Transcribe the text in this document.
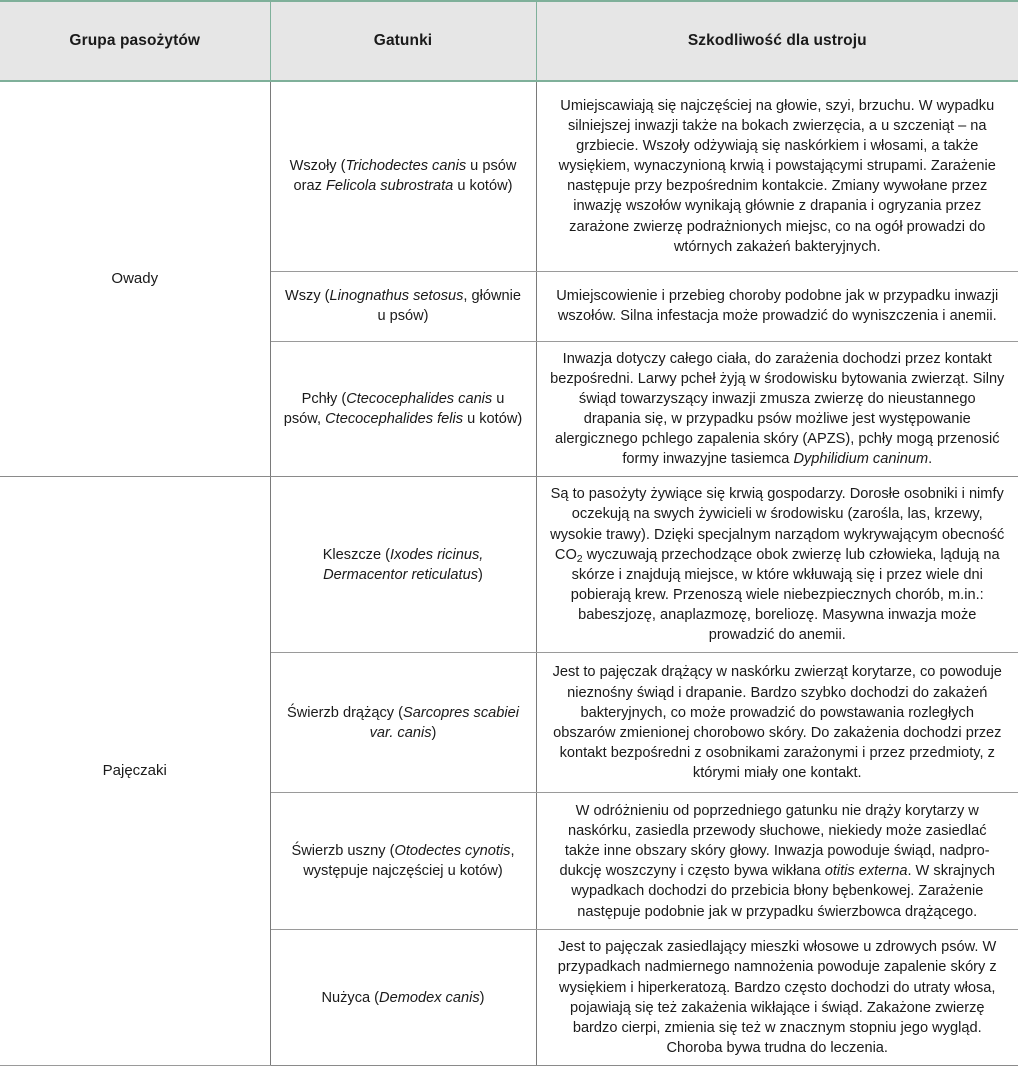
Grupa pasożytów	Gatunki	Szkodliwość dla ustroju

Owady	Wszoły (Trichodectes canis u psów oraz Felicola subrostrata u kotów)	Umiejscawiają się najczęściej na głowie, szyi, brzuchu. W wypadku silniejszej inwazji także na bokach zwierzęcia, a u szczeniąt – na grzbiecie. Wszoły odżywiają się naskórkiem i włosami, a także wysiękiem, wynaczynioną krwią i powstającymi strupami. Zarażenie następuje przy bezpośrednim kontakcie. Zmiany wywołane przez inwazję wszołów wynikają głównie z drapania i ogryzania przez zarażone zwierzę podrażnionych miejsc, co na ogół prowadzi do wtórnych zakażeń bakteryjnych.
	Wszy (Linognathus setosus, głównie u psów)	Umiejscowienie i przebieg choroby podobne jak w przypadku inwazji wszołów. Silna infestacja może prowadzić do wyniszczenia i anemii.
	Pchły (Ctecocephalides canis u psów, Ctecocephalides felis u kotów)	Inwazja dotyczy całego ciała, do zarażenia dochodzi przez kontakt bezpośredni. Larwy pcheł żyją w środowisku bytowania zwierząt. Silny świąd towarzyszący inwazji zmusza zwierzę do nieustannego drapania się, w przypadku psów możliwe jest występowanie alergicznego pchlego zapalenia skóry (APZS), pchły mogą przenosić formy inwazyjne tasiemca Dyphilidium caninum.

Pajęczaki	Kleszcze (Ixodes ricinus, Dermacentor reticulatus)	Są to pasożyty żywiące się krwią gospodarzy. Dorosłe osobniki i nimfy oczekują na swych żywicieli w środowisku (zarośla, las, krzewy, wysokie trawy). Dzięki specjalnym narządom wykrywającym obecność $CO_2$ wyczuwają przechodzące obok zwierzę lub człowieka, lądują na skórze i znajdują miejsce, w które wkłuwają się i przez wiele dni pobierają krew. Przenoszą wiele niebezpiecznych chorób, m.in.: babeszjozę, anaplazmozę, boreliozę. Masywna inwazja może prowadzić do anemii.
	Świerzb drążący (Sarcopres scabiei var. canis)	Jest to pajęczak drążący w naskórku zwierząt korytarze, co powoduje nieznośny świąd i drapanie. Bardzo szybko dochodzi do zakażeń bakteryjnych, co może prowadzić do powstawania rozległych obszarów zmienionej chorobowo skóry. Do zakażenia dochodzi przez kontakt bezpośredni z osobnikami zarażonymi i przez przedmioty, z którymi miały one kontakt.
	Świerzb uszny (Otodectes cynotis, występuje najczęściej u kotów)	W odróżnieniu od poprzedniego gatunku nie drąży korytarzy w naskórku, zasiedla przewody słuchowe, niekiedy może zasiedlać także inne obszary skóry głowy. Inwazja powoduje świąd, nadpro-dukcję woszczyny i często bywa wikłana otitis externa. W skrajnych wypadkach dochodzi do przebicia błony bębenkowej. Zarażenie następuje podobnie jak w przypadku świerzbowca drążącego.
	Nużyca (Demodex canis)	Jest to pajęczak zasiedlający mieszki włosowe u zdrowych psów. W przypadkach nadmiernego namnożenia powoduje zapalenie skóry z wysiękiem i hiperkeratozą. Bardzo często dochodzi do utraty włosa, pojawiają się też zakażenia wikłające i świąd. Zakażone zwierzę bardzo cierpi, zmienia się też w znacznym stopniu jego wygląd. Choroba bywa trudna do leczenia.
